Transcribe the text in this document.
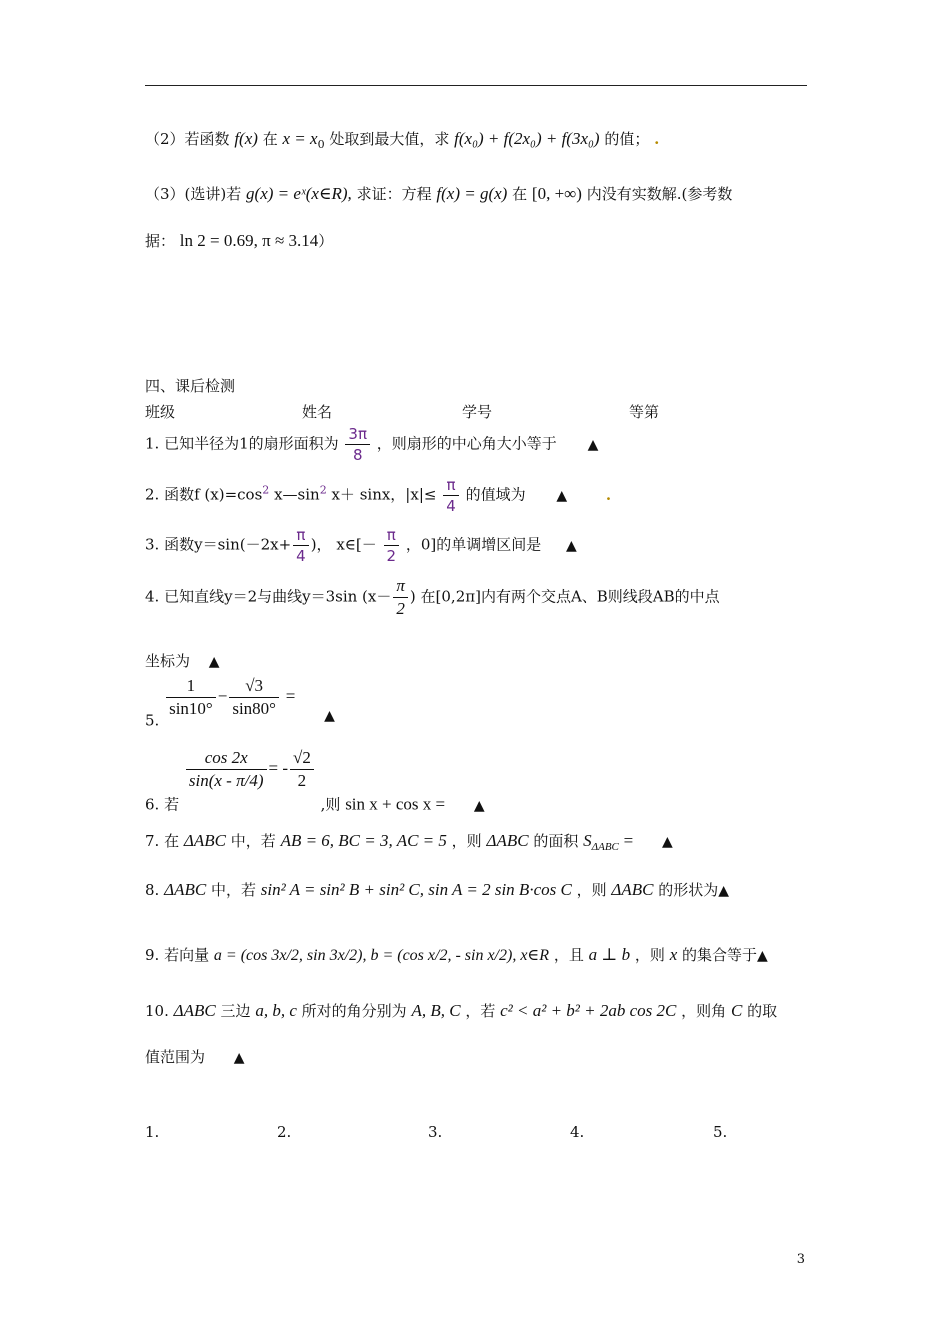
（2）若函数 f(x) 在 $x = x_0$ 处取到最大值，求 f(x₀) + f(2x₀) + f(3x₀) 的值； .
（3）(选讲)若 g(x) = eˣ(x∈R), 求证：方程 f(x) = g(x) 在 [0, +∞) 内没有实数解.(参考数
据： ln 2 = 0.69, π ≈ 3.14）
四、课后检测
班级	姓名	学号	等第
1. 已知半径为1的扇形面积为 $\frac{3\pi}{8}$ ，则扇形的中心角大小等于 ▲
2. 函数f $(x)=\cos^2$ $x—\sin^2$ x＋ sinx，$|x|\le \frac{\pi}{4}$ 的值域为 ▲	.
3. 函数$y=\sin(-2x+ \frac{\pi}{4}$ )， x∈[－ $\frac{\pi}{2}$ ，0]的单调增区间是 ▲
4. 已知直线y＝2与曲线y＝3sin ($x- \frac{\pi}{2}$ ) 在[0,2π]内有两个交点A、B则线段AB的中点
坐标为 ▲
5.
$\frac{1}{\sin 10^\circ} - \frac{√3}{\sin 80^\circ}$ = ▲
6. 若
$\frac{\cos 2x}{\sin(x - \pi/4)}$ = - $\frac{√2}{2}$
,则 sin x + cos x = ▲
7. 在 ΔABC 中，若 AB = 6, BC = 3, AC = 5 ，则 ΔABC 的面积 $S_{\Delta ABC}$ = ▲
8. ΔABC 中，若 sin² A = sin² B + sin² C, sin A = 2 sin B·cos C ，则 ΔABC 的形状为▲
9. 若向量 a = (cos 3x/2, sin 3x/2), b = (cos x/2, - sin x/2), x∈R ，且 a ⊥ b ，则 x 的集合等于▲
10. ΔABC 三边 a, b, c 所对的角分别为 A, B, C ，若 c² < a² + b² + 2ab cos 2C ，则角 C 的取
值范围为 ▲
1.	2.	3.	4.	5.
3
